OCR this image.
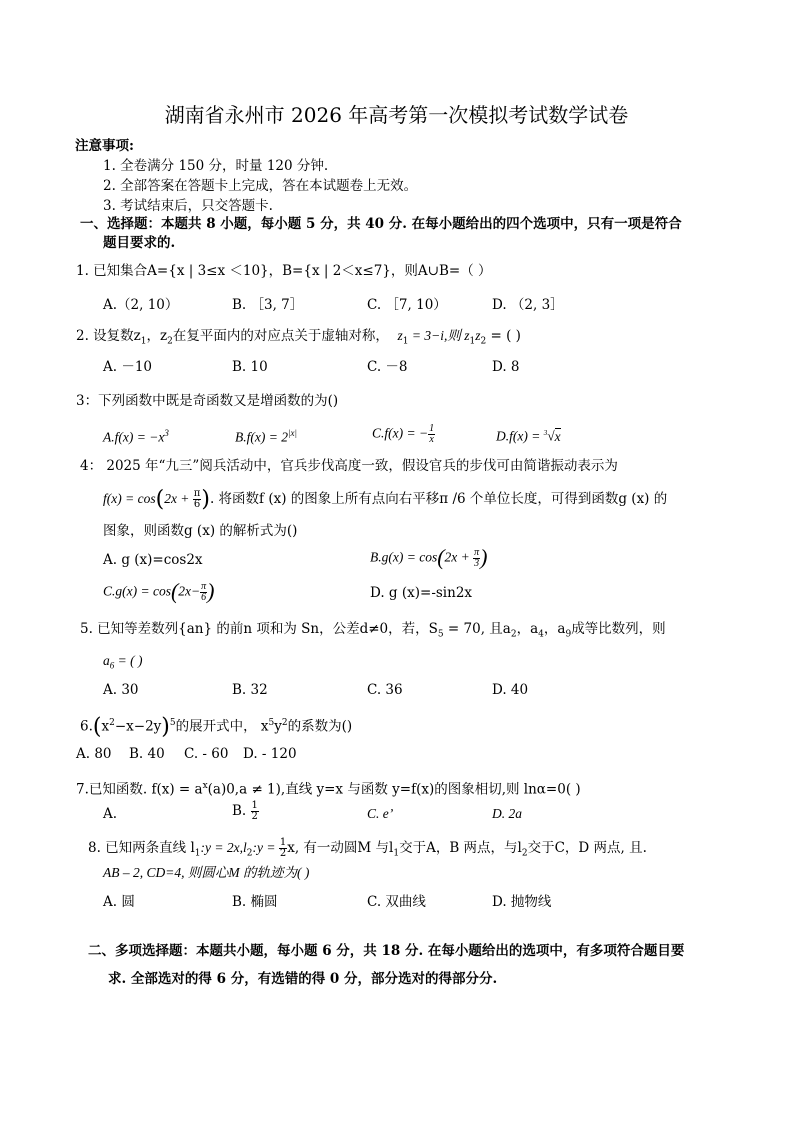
湖南省永州市 2026 年高考第一次模拟考试数学试卷
注意事项:
1. 全卷满分 150 分，时量 120 分钟.
2. 全部答案在答题卡上完成，答在本试题卷上无效。
3. 考试结束后，只交答题卡.
一、选择题：本题共 8 小题，每小题 5 分，共 40 分. 在每小题给出的四个选项中，只有一项是符合
题目要求的.
1. 已知集合A={x | 3≤x ＜10}，B={x | 2＜x≤7}，则A∪B=（ ）
A.（2, 10）	B. ［3, 7］	C. ［7, 10）	D. （2, 3］
2. 设复数$z_1$，$z_2$在复平面内的对应点关于虚轴对称， $z_1 = 3-i$,则 $z_1z_2$ = ( )
A. －10	B. 10	C. －8	D. 8
3：下列函数中既是奇函数又是增函数的为()
$A.f(x) = -x^3$	$B.f(x) = 2^{|x|}$	C.f(x) = − $\frac{1}{x}$	D.f(x) = $^3$√x
4： 2025 年“九三”阅兵活动中，官兵步伐高度一致，假设官兵的步伐可由简谐振动表示为
$f(x) = \cos(2x + \frac{\pi}{6}$ ). 将函数f (x) 的图象上所有点向右平移π /6 个单位长度，可得到函数g (x) 的
图象，则函数g (x) 的解析式为()
A. g (x)=cos2x	$B.g(x) = \cos(2x + \frac{\pi}{3}$ )
$C.g(x) = \cos(2x- \frac{\pi}{6}$ )	D. g (x)=-sin2x
5. 已知等差数列{an} 的前n 项和为 Sn，公差d≠0，若，$S_5 = 70$, 且$a_2$，$a_4$，$a_9$成等比数列，则
$a_6$ = ( )
A. 30	B. 32	C. 36	D. 40
$6.(x^2-x-2y)^5$的展开式中， $x^5y^2$的系数为()
A. 80 B. 40 C. - 60 D. - 120
7.已知函数. $f(x) = a^x(a)0,a \ne 1$),直线 y=x 与函数 y=f(x)的图象相切,则 lnα=0( )
A.	B. $\frac{1}{2}$	C. e’	D. 2a
8. 已知两条直线 $l_1:y$ = $2x,l_2:y = \frac{1}{2} x$, 有一动圆M 与$l_1$交于A，B 两点，与$l_2$交于C，D 两点, 且.
AB – 2, CD=4, 则圆心M 的轨迹为( )
A. 圆	B. 椭圆	C. 双曲线	D. 抛物线
二、多项选择题：本题共小题，每小题 6 分，共 18 分. 在每小题给出的选项中，有多项符合题目要
求. 全部选对的得 6 分，有选错的得 0 分，部分选对的得部分分.
